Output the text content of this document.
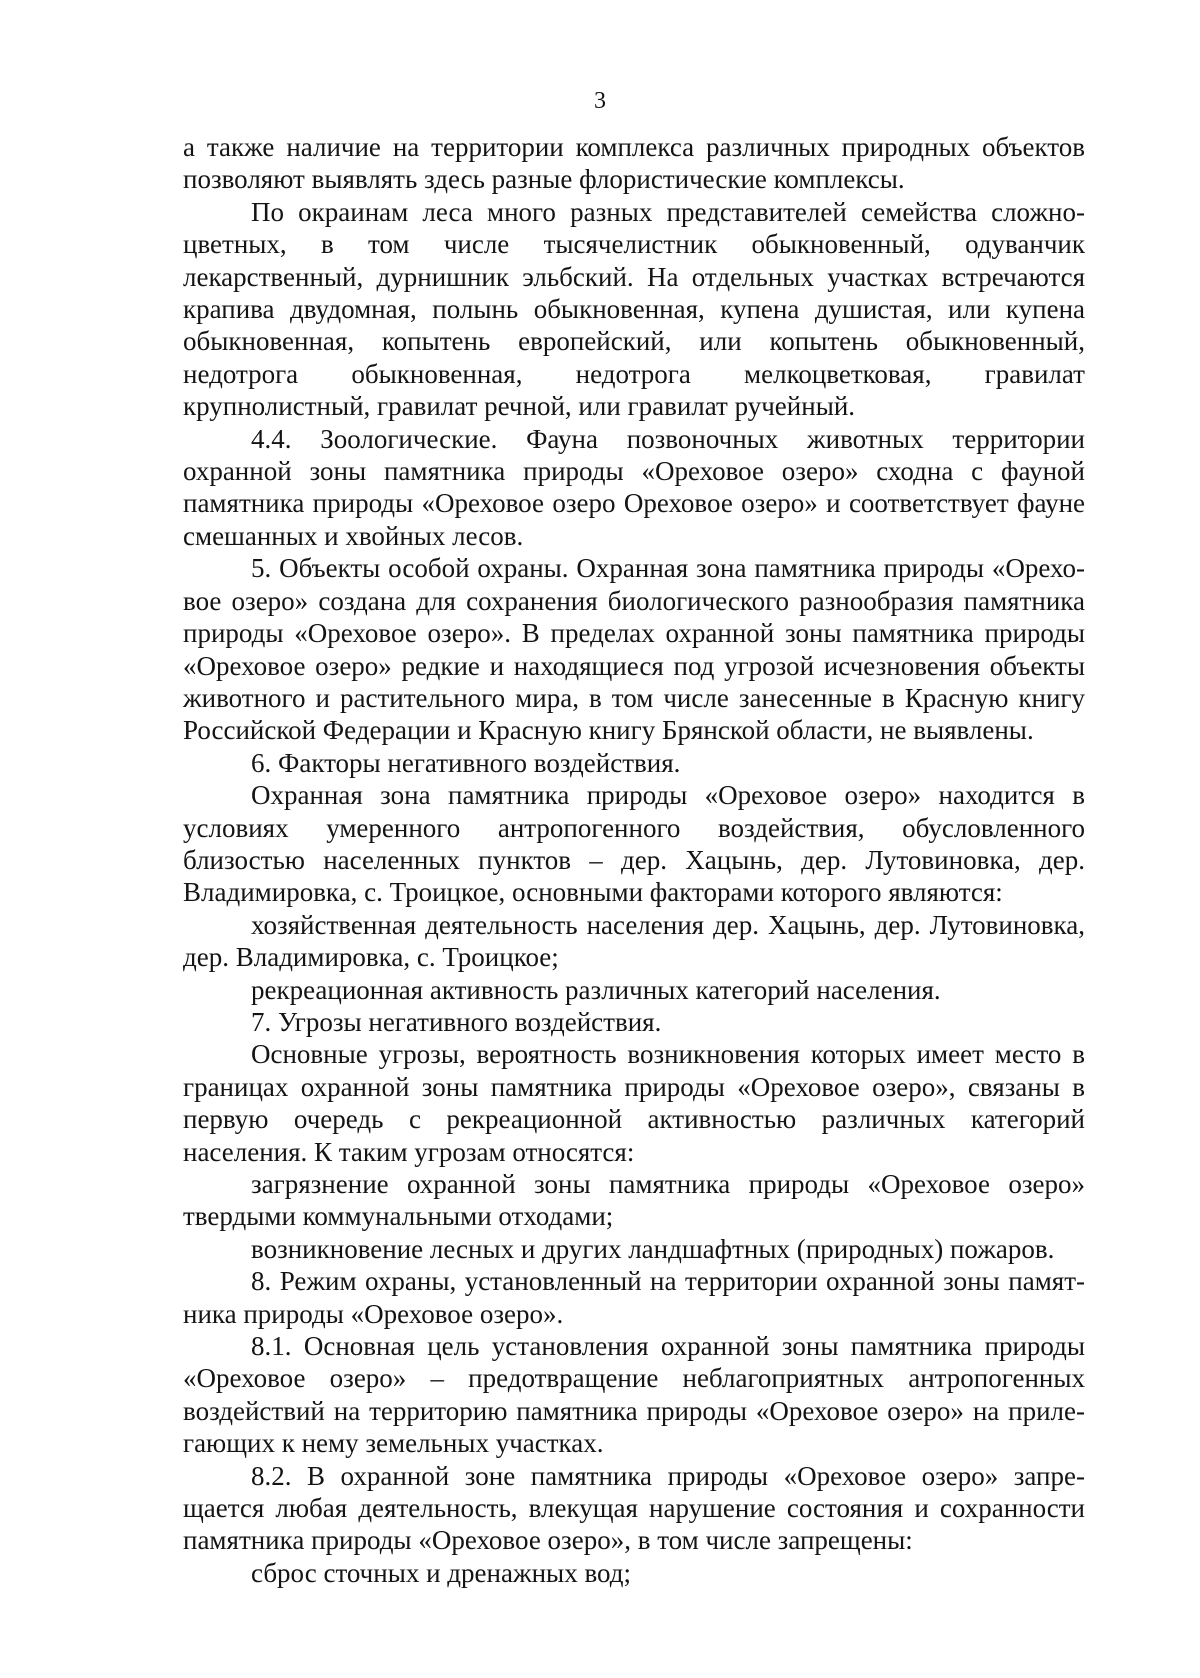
3

а также наличие на территории комплекса различных природных объектов позволяют выявлять здесь разные флористические комплексы.

По окраинам леса много разных представителей семейства сложноцветных, в том числе тысячелистник обыкновенный, одуванчик лекарственный, дурнишник эльбский. На отдельных участках встречаются крапива двудомная, полынь обыкновенная, купена душистая, или купена обыкновенная, копытень европейский, или копытень обыкновенный, недотрога обыкновенная, недотрога мелкоцветковая, гравилат крупнолистный, гравилат речной, или гравилат ручейный.

4.4. Зоологические. Фауна позвоночных животных территории охранной зоны памятника природы «Ореховое озеро» сходна с фауной памятника природы «Ореховое озеро Ореховое озеро» и соответствует фауне смешанных и хвойных лесов.

5. Объекты особой охраны. Охранная зона памятника природы «Ореховое озеро» создана для сохранения биологического разнообразия памятника природы «Ореховое озеро». В пределах охранной зоны памятника природы «Ореховое озеро» редкие и находящиеся под угрозой исчезновения объекты животного и растительного мира, в том числе занесенные в Красную книгу Российской Федерации и Красную книгу Брянской области, не выявлены.

6. Факторы негативного воздействия.

Охранная зона памятника природы «Ореховое озеро» находится в условиях умеренного антропогенного воздействия, обусловленного близостью населенных пунктов – дер. Хацынь, дер. Лутовиновка, дер. Владимировка, с. Троицкое, основными факторами которого являются:

хозяйственная деятельность населения дер. Хацынь, дер. Лутовиновка, дер. Владимировка, с. Троицкое;

рекреационная активность различных категорий населения.

7. Угрозы негативного воздействия.

Основные угрозы, вероятность возникновения которых имеет место в границах охранной зоны памятника природы «Ореховое озеро», связаны в первую очередь с рекреационной активностью различных категорий населения. К таким угрозам относятся:

загрязнение охранной зоны памятника природы «Ореховое озеро» твердыми коммунальными отходами;

возникновение лесных и других ландшафтных (природных) пожаров.

8. Режим охраны, установленный на территории охранной зоны памятника природы «Ореховое озеро».

8.1. Основная цель установления охранной зоны памятника природы «Ореховое озеро» – предотвращение неблагоприятных антропогенных воздействий на территорию памятника природы «Ореховое озеро» на прилегающих к нему земельных участках.

8.2. В охранной зоне памятника природы «Ореховое озеро» запрещается любая деятельность, влекущая нарушение состояния и сохранности памятника природы «Ореховое озеро», в том числе запрещены:

сброс сточных и дренажных вод;
